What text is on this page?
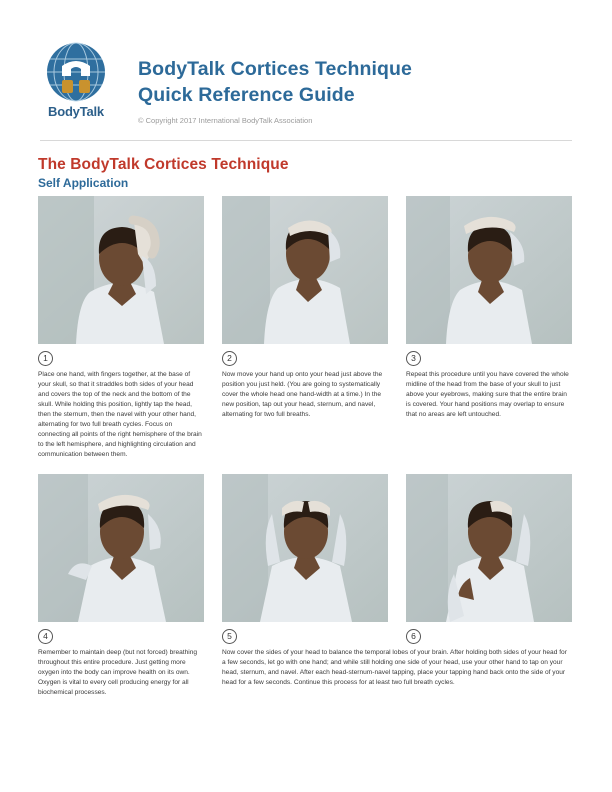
BodyTalk
BodyTalk Cortices Technique
Quick Reference Guide
© Copyright 2017 International BodyTalk Association
The BodyTalk Cortices Technique
Self Application
1
Place one hand, with fingers together, at the base of your skull, so that it straddles both sides of your head and covers the top of the neck and the bottom of the skull. While holding this position, lightly tap the head, then the sternum, then the navel with your other hand, alternating for two full breath cycles. Focus on connecting all points of the right hemisphere of the brain to the left hemisphere, and highlighting circulation and communication between them.
2
Now move your hand up onto your head just above the position you just held. (You are going to systematically cover the whole head one hand-width at a time.) In the new position, tap out your head, sternum, and navel, alternating for two full breaths.
3
Repeat this procedure until you have covered the whole midline of the head from the base of your skull to just above your eyebrows, making sure that the entire brain is covered. Your hand positions may overlap to ensure that no areas are left untouched.
4
Remember to maintain deep (but not forced) breathing throughout this entire procedure. Just getting more oxygen into the body can improve health on its own. Oxygen is vital to every cell producing energy for all biochemical processes.
5	6
Now cover the sides of your head to balance the temporal lobes of your brain. After holding both sides of your head for a few seconds, let go with one hand; and while still holding one side of your head, use your other hand to tap on your head, sternum, and navel. After each head-sternum-navel tapping, place your tapping hand back onto the side of your head for a few seconds. Continue this process for at least two full breath cycles.
